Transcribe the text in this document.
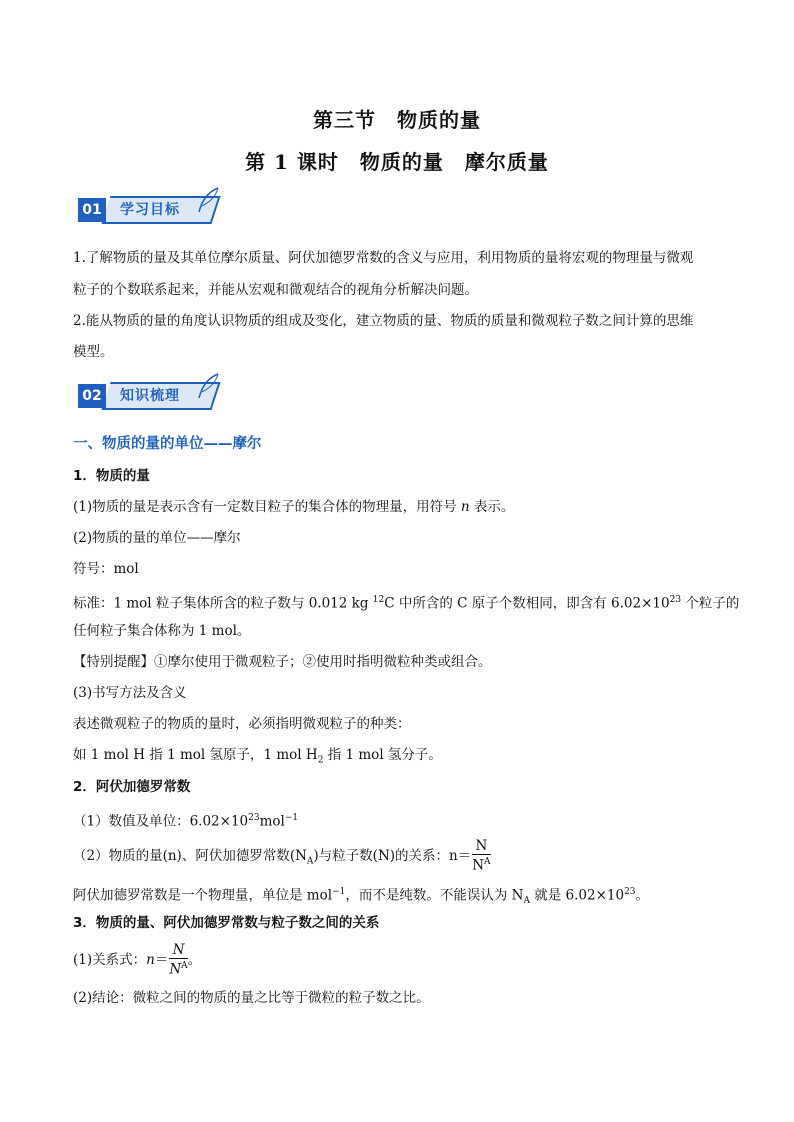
第三节　物质的量
第 1 课时　物质的量　摩尔质量
01	学习目标
1.了解物质的量及其单位摩尔质量、阿伏加德罗常数的含义与应用，利用物质的量将宏观的物理量与微观
粒子的个数联系起来，并能从宏观和微观结合的视角分析解决问题。
2.能从物质的量的角度认识物质的组成及变化，建立物质的量、物质的质量和微观粒子数之间计算的思维
模型。
02	知识梳理
一、物质的量的单位——摩尔
1．物质的量
(1)物质的量是表示含有一定数目粒子的集合体的物理量，用符号 n 表示。
(2)物质的量的单位——摩尔
符号：mol
标准：1 mol 粒子集体所含的粒子数与 0.012 kg $^{12}$C 中所含的 C 原子个数相同，即含有 $6.02\times 10^{23}$ 个粒子的
任何粒子集合体称为 1 mol。
【特别提醒】①摩尔使用于微观粒子；②使用时指明微粒种类或组合。
(3)书写方法及含义
表述微观粒子的物质的量时，必须指明微观粒子的种类：
如 1 mol H 指 1 mol 氢原子，1 mol $H_2$ 指 1 mol 氢分子。
2．阿伏加德罗常数
（1）数值及单位：$6.02\times 10^{23}mol^{-1}$
（2）物质的量(n)、阿伏加德罗常数$(N_A)$与粒子数(N)的关系：$n= \frac{N}{N^A}$
阿伏加德罗常数是一个物理量，单位是 mol$^{-1}$，而不是纯数。不能误认为 $N_A$ 就是 $6.02\times 10^{23}$。
3．物质的量、阿伏加德罗常数与粒子数之间的关系
(1)关系式：$n= \frac{N}{N^A}$ 。
(2)结论：微粒之间的物质的量之比等于微粒的粒子数之比。
